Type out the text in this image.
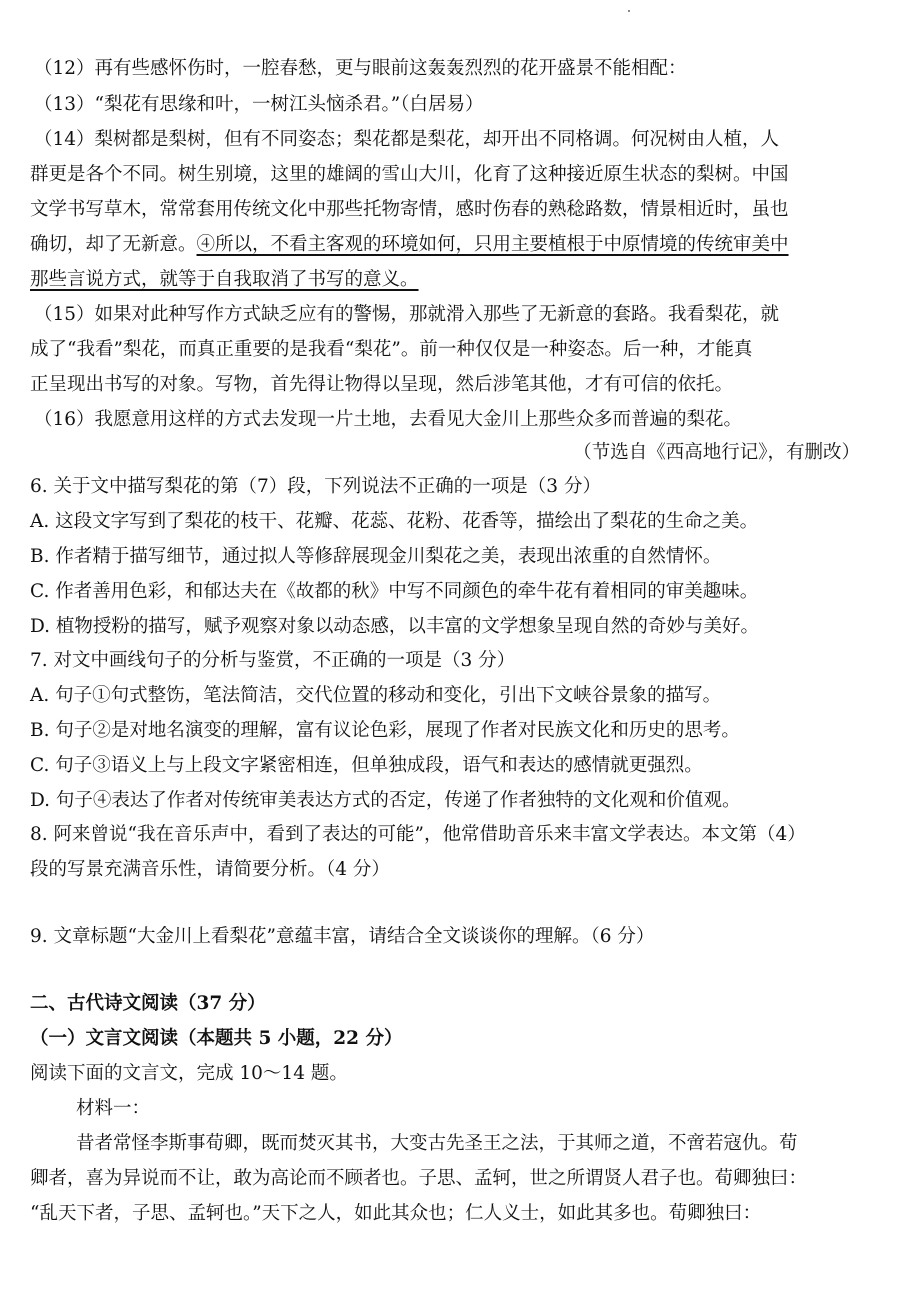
（12）再有些感怀伤时，一腔春愁，更与眼前这轰轰烈烈的花开盛景不能相配：
（13）“梨花有思缘和叶，一树江头恼杀君。”（白居易）
（14）梨树都是梨树，但有不同姿态；梨花都是梨花，却开出不同格调。何况树由人植，人
群更是各个不同。树生别境，这里的雄阔的雪山大川，化育了这种接近原生状态的梨树。中国
文学书写草木，常常套用传统文化中那些托物寄情，感时伤春的熟稔路数，情景相近时，虽也
确切，却了无新意。④所以，不看主客观的环境如何，只用主要植根于中原情境的传统审美中
那些言说方式，就等于自我取消了书写的意义。
（15）如果对此种写作方式缺乏应有的警惕，那就滑入那些了无新意的套路。我看梨花，就
成了“我看”梨花，而真正重要的是我看“梨花”。前一种仅仅是一种姿态。后一种，才能真
正呈现出书写的对象。写物，首先得让物得以呈现，然后涉笔其他，才有可信的依托。
（16）我愿意用这样的方式去发现一片土地，去看见大金川上那些众多而普遍的梨花。
（节选自《西高地行记》，有删改）
6. 关于文中描写梨花的第（7）段，下列说法不正确的一项是（3 分）
A. 这段文字写到了梨花的枝干、花瓣、花蕊、花粉、花香等，描绘出了梨花的生命之美。
B. 作者精于描写细节，通过拟人等修辞展现金川梨花之美，表现出浓重的自然情怀。
C. 作者善用色彩，和郁达夫在《故都的秋》中写不同颜色的牵牛花有着相同的审美趣味。
D. 植物授粉的描写，赋予观察对象以动态感，以丰富的文学想象呈现自然的奇妙与美好。
7. 对文中画线句子的分析与鉴赏，不正确的一项是（3 分）
A. 句子①句式整饬，笔法简洁，交代位置的移动和变化，引出下文峡谷景象的描写。
B. 句子②是对地名演变的理解，富有议论色彩，展现了作者对民族文化和历史的思考。
C. 句子③语义上与上段文字紧密相连，但单独成段，语气和表达的感情就更强烈。
D. 句子④表达了作者对传统审美表达方式的否定，传递了作者独特的文化观和价值观。
8. 阿来曾说“我在音乐声中，看到了表达的可能”，他常借助音乐来丰富文学表达。本文第（4）
段的写景充满音乐性，请简要分析。（4 分）
9. 文章标题“大金川上看梨花”意蕴丰富，请结合全文谈谈你的理解。（6 分）
二、古代诗文阅读（37 分）
（一）文言文阅读（本题共 5 小题，22 分）
阅读下面的文言文，完成 10～14 题。
材料一：
昔者常怪李斯事荀卿，既而焚灭其书，大变古先圣王之法，于其师之道，不啻若寇仇。荀
卿者，喜为异说而不让，敢为高论而不顾者也。子思、孟轲，世之所谓贤人君子也。荀卿独曰：
“乱天下者，子思、孟轲也。”天下之人，如此其众也；仁人义士，如此其多也。荀卿独曰：
